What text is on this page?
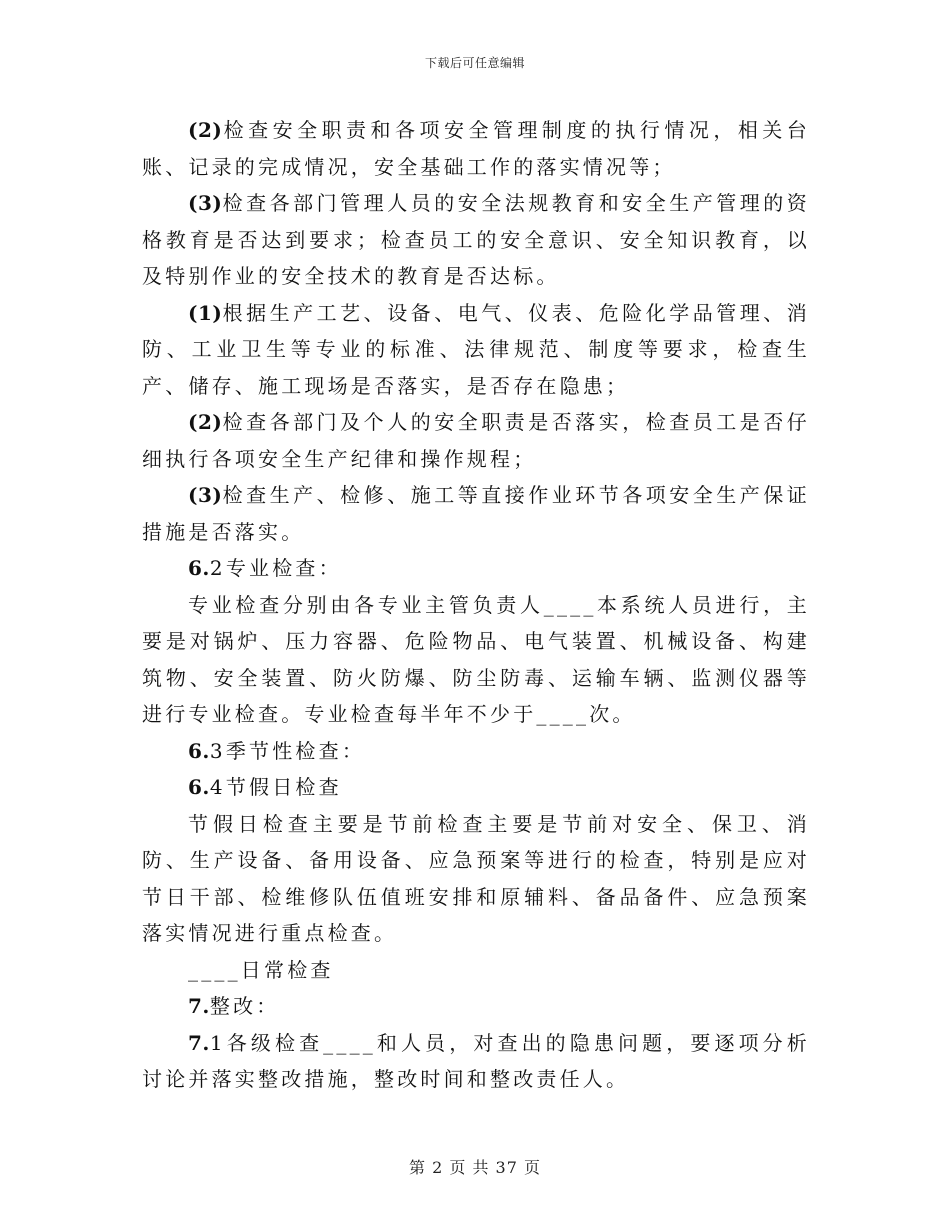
下载后可任意编辑

(2)检查安全职责和各项安全管理制度的执行情况，相关台账、记录的完成情况，安全基础工作的落实情况等；

(3)检查各部门管理人员的安全法规教育和安全生产管理的资格教育是否达到要求；检查员工的安全意识、安全知识教育，以及特别作业的安全技术的教育是否达标。

(1)根据生产工艺、设备、电气、仪表、危险化学品管理、消防、工业卫生等专业的标准、法律规范、制度等要求，检查生产、储存、施工现场是否落实，是否存在隐患；

(2)检查各部门及个人的安全职责是否落实，检查员工是否仔细执行各项安全生产纪律和操作规程；

(3)检查生产、检修、施工等直接作业环节各项安全生产保证措施是否落实。

6.2专业检查：

专业检查分别由各专业主管负责人____本系统人员进行，主要是对锅炉、压力容器、危险物品、电气装置、机械设备、构建筑物、安全装置、防火防爆、防尘防毒、运输车辆、监测仪器等进行专业检查。专业检查每半年不少于____次。

6.3季节性检查：

6.4节假日检查

节假日检查主要是节前检查主要是节前对安全、保卫、消防、生产设备、备用设备、应急预案等进行的检查，特别是应对节日干部、检维修队伍值班安排和原辅料、备品备件、应急预案落实情况进行重点检查。

____日常检查

7.整改：

7.1各级检查____和人员，对查出的隐患问题，要逐项分析讨论并落实整改措施，整改时间和整改责任人。

第 2 页 共 37 页
